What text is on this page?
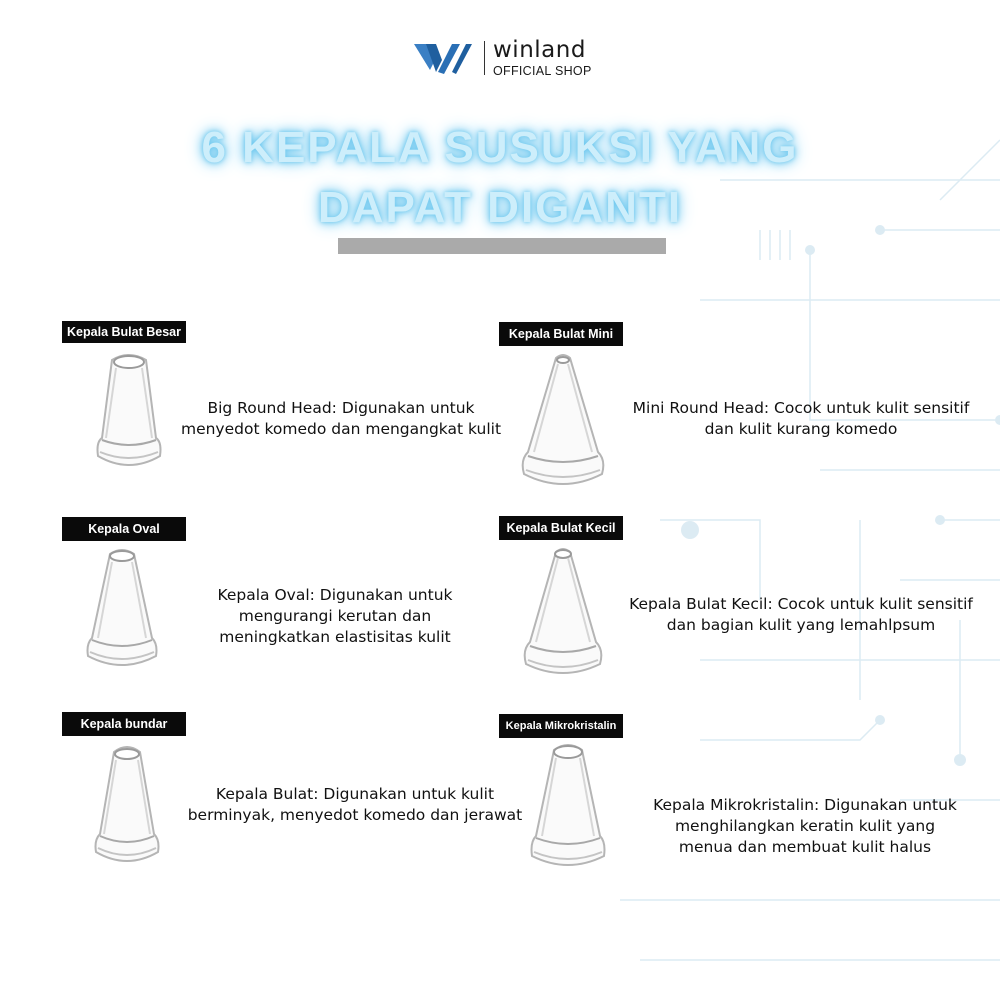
winland
OFFICIAL SHOP
6 KEPALA SUSUKSI YANG
DAPAT DIGANTI
Kepala Bulat Besar
Big Round Head: Digunakan untuk
menyedot komedo dan mengangkat kulit
Kepala Bulat Mini
Mini Round Head: Cocok untuk kulit sensitif
dan kulit kurang komedo
Kepala Oval
Kepala Oval: Digunakan untuk
mengurangi kerutan dan
meningkatkan elastisitas kulit
Kepala Bulat Kecil
Kepala Bulat Kecil: Cocok untuk kulit sensitif
dan bagian kulit yang lemahlpsum
Kepala bundar
Kepala Bulat: Digunakan untuk kulit
berminyak, menyedot komedo dan jerawat
Kepala Mikrokristalin
Kepala Mikrokristalin: Digunakan untuk
menghilangkan keratin kulit yang
menua dan membuat kulit halus
